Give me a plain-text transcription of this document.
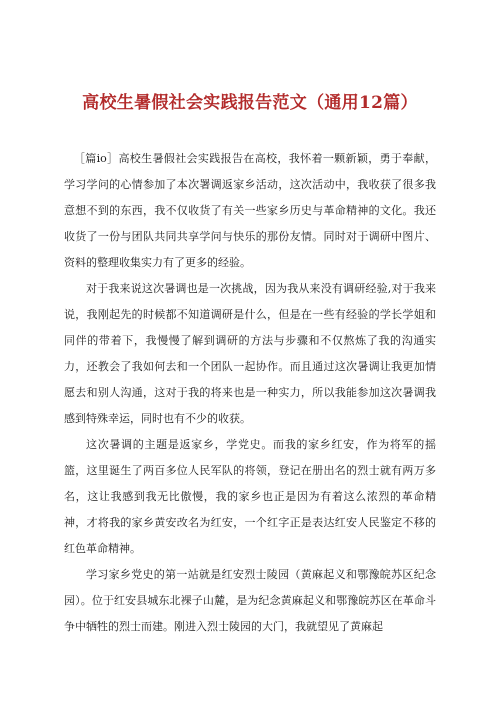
高校生暑假社会实践报告范文（通用12篇）

［篇io］高校生暑假社会实践报告在高校，我怀着一颗新颖，勇于奉献，学习学问的心情参加了本次署调返家乡活动，这次活动中，我收获了很多我意想不到的东西，我不仅收货了有关一些家乡历史与革命精神的文化。我还收货了一份与团队共同共享学问与快乐的那份友情。同时对于调研中图片、资料的整理收集实力有了更多的经验。

对于我来说这次暑调也是一次挑战，因为我从来没有调研经验,对于我来说，我刚起先的时候都不知道调研是什么，但是在一些有经验的学长学姐和同伴的带着下，我慢慢了解到调研的方法与步骤和不仅熬炼了我的沟通实力，还教会了我如何去和一个团队一起协作。而且通过这次暑调让我更加情愿去和别人沟通，这对于我的将来也是一种实力，所以我能参加这次暑调我感到特殊幸运，同时也有不少的收获。

这次暑调的主题是返家乡，学党史。而我的家乡红安，作为将军的摇篮，这里诞生了两百多位人民军队的将领，登记在册出名的烈士就有两万多名，这让我感到我无比傲慢，我的家乡也正是因为有着这么浓烈的革命精神，才将我的家乡黄安改名为红安，一个红字正是表达红安人民鉴定不移的红色革命精神。

学习家乡党史的第一站就是红安烈士陵园（黄麻起义和鄂豫皖苏区纪念园）。位于红安县城东北裸子山麓，是为纪念黄麻起义和鄂豫皖苏区在革命斗争中牺牲的烈士而建。刚进入烈士陵园的大门，我就望见了黄麻起
